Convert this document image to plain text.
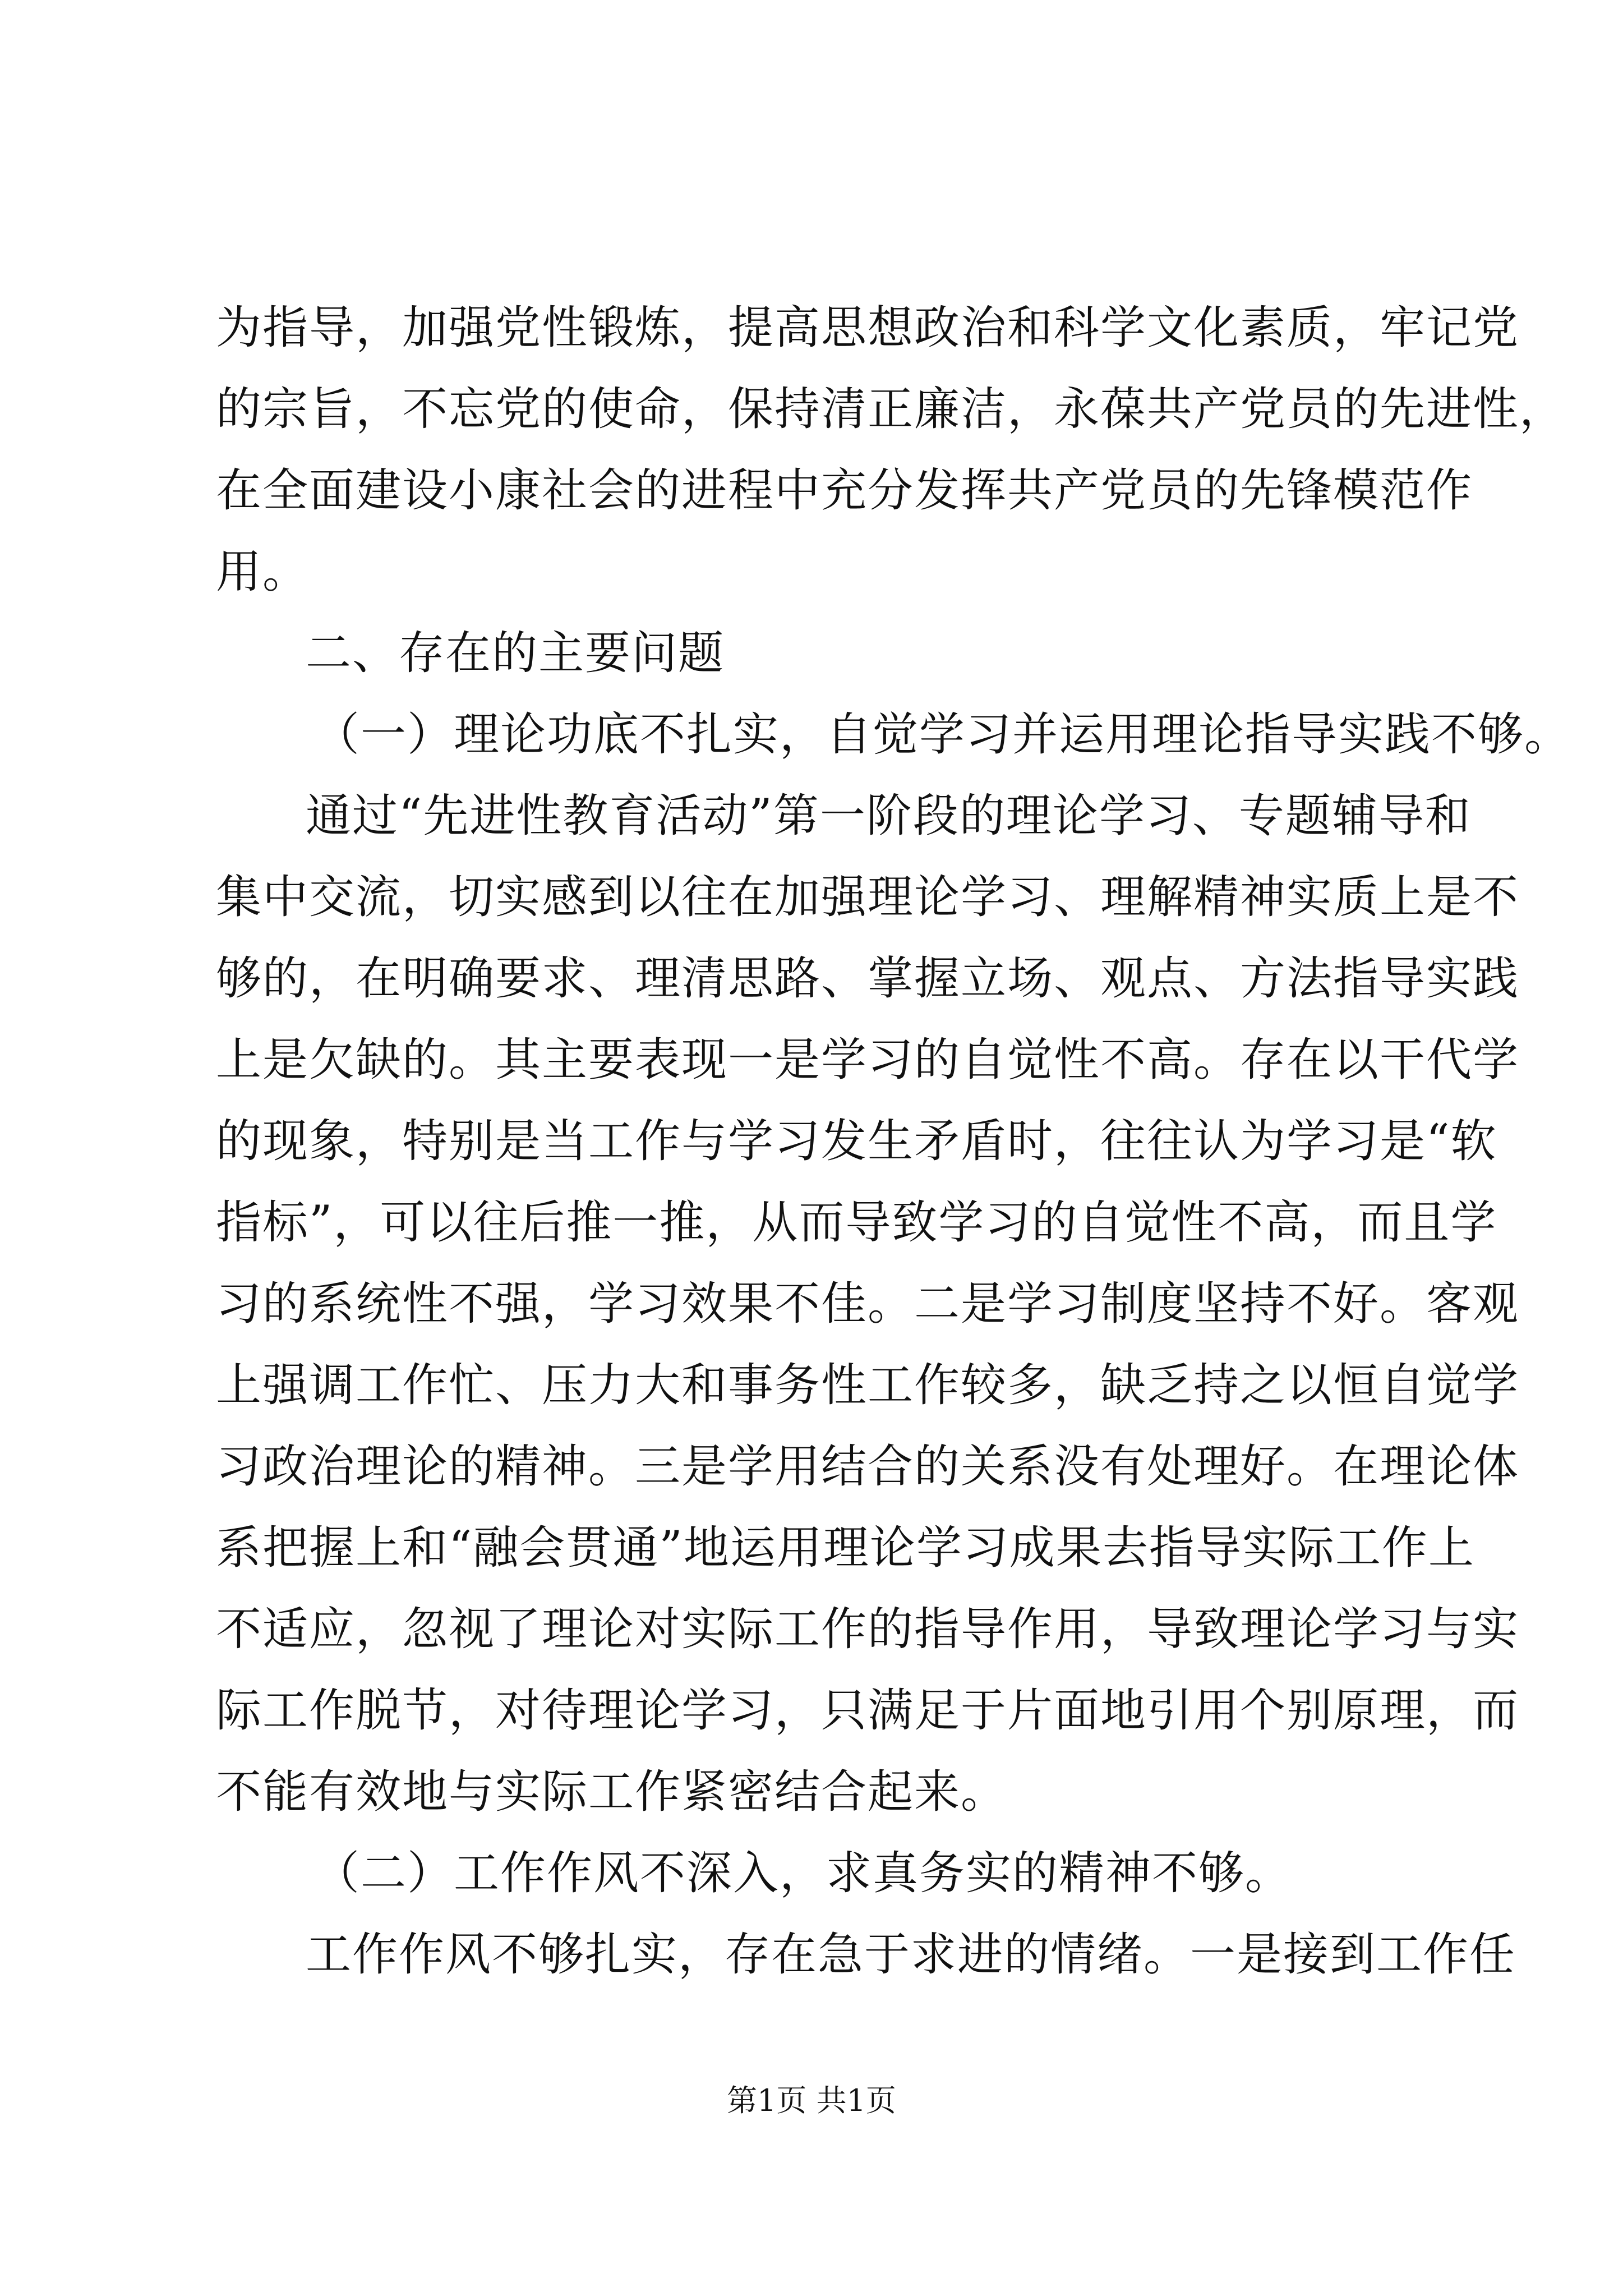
为指导，加强党性锻炼，提高思想政治和科学文化素质，牢记党
的宗旨，不忘党的使命，保持清正廉洁，永葆共产党员的先进性，
在全面建设小康社会的进程中充分发挥共产党员的先锋模范作
用。
二、存在的主要问题
（一）理论功底不扎实，自觉学习并运用理论指导实践不够。
通过“先进性教育活动”第一阶段的理论学习、专题辅导和
集中交流，切实感到以往在加强理论学习、理解精神实质上是不
够的，在明确要求、理清思路、掌握立场、观点、方法指导实践
上是欠缺的。其主要表现一是学习的自觉性不高。存在以干代学
的现象，特别是当工作与学习发生矛盾时，往往认为学习是“软
指标”，可以往后推一推，从而导致学习的自觉性不高，而且学
习的系统性不强，学习效果不佳。二是学习制度坚持不好。客观
上强调工作忙、压力大和事务性工作较多，缺乏持之以恒自觉学
习政治理论的精神。三是学用结合的关系没有处理好。在理论体
系把握上和“融会贯通”地运用理论学习成果去指导实际工作上
不适应，忽视了理论对实际工作的指导作用，导致理论学习与实
际工作脱节，对待理论学习，只满足于片面地引用个别原理，而
不能有效地与实际工作紧密结合起来。
（二）工作作风不深入，求真务实的精神不够。
工作作风不够扎实，存在急于求进的情绪。一是接到工作任
第1页 共1页
